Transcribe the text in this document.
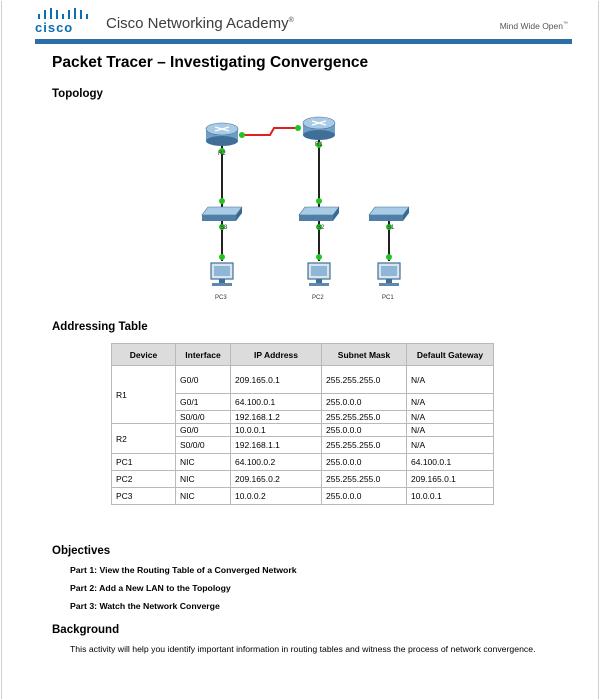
cisco Cisco Networking Academy®
Mind Wide Open™
Packet Tracer – Investigating Convergence
Topology
R2
R1
S3	S2	S1
PC3	PC2	PC1
Addressing Table
Device	Interface	IP Address	Subnet Mask	Default Gateway
R1	G0/0	209.165.0.1	255.255.255.0	N/A
	G0/1	64.100.0.1	255.0.0.0	N/A
	S0/0/0	192.168.1.2	255.255.255.0	N/A
R2	G0/0	10.0.0.1	255.0.0.0	N/A
	S0/0/0	192.168.1.1	255.255.255.0	N/A
PC1	NIC	64.100.0.2	255.0.0.0	64.100.0.1
PC2	NIC	209.165.0.2	255.255.255.0	209.165.0.1
PC3	NIC	10.0.0.2	255.0.0.0	10.0.0.1
Objectives
Part 1: View the Routing Table of a Converged Network
Part 2: Add a New LAN to the Topology
Part 3: Watch the Network Converge
Background
This activity will help you identify important information in routing tables and witness the process of network convergence.
